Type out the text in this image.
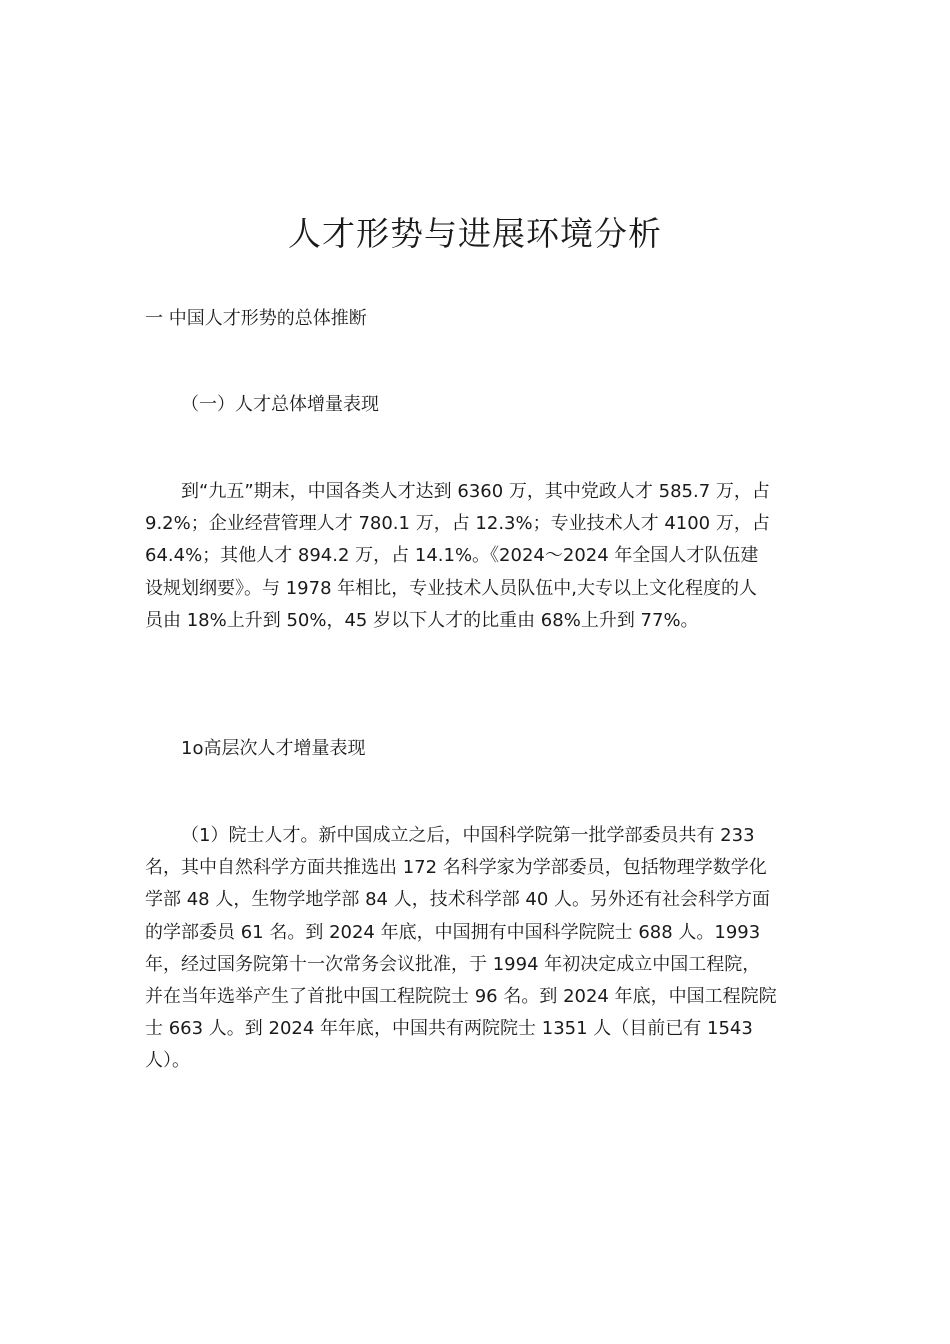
人才形势与进展环境分析
一 中国人才形势的总体推断
（一）人才总体增量表现
到“九五”期末，中国各类人才达到 6360 万，其中党政人才 585.7 万，占
9.2%；企业经营管理人才 780.1 万，占 12.3%；专业技术人才 4100 万，占
64.4%；其他人才 894.2 万，占 14.1%。《2024～2024 年全国人才队伍建
设规划纲要》。与 1978 年相比，专业技术人员队伍中,大专以上文化程度的人
员由 18%上升到 50%，45 岁以下人才的比重由 68%上升到 77%。
1o高层次人才增量表现
（1）院士人才。新中国成立之后，中国科学院第一批学部委员共有 233
名，其中自然科学方面共推选出 172 名科学家为学部委员，包括物理学数学化
学部 48 人，生物学地学部 84 人，技术科学部 40 人。另外还有社会科学方面
的学部委员 61 名。到 2024 年底，中国拥有中国科学院院士 688 人。1993
年，经过国务院第十一次常务会议批准，于 1994 年初决定成立中国工程院，
并在当年选举产生了首批中国工程院院士 96 名。到 2024 年底，中国工程院院
士 663 人。到 2024 年年底，中国共有两院院士 1351 人（目前已有 1543
人）。
